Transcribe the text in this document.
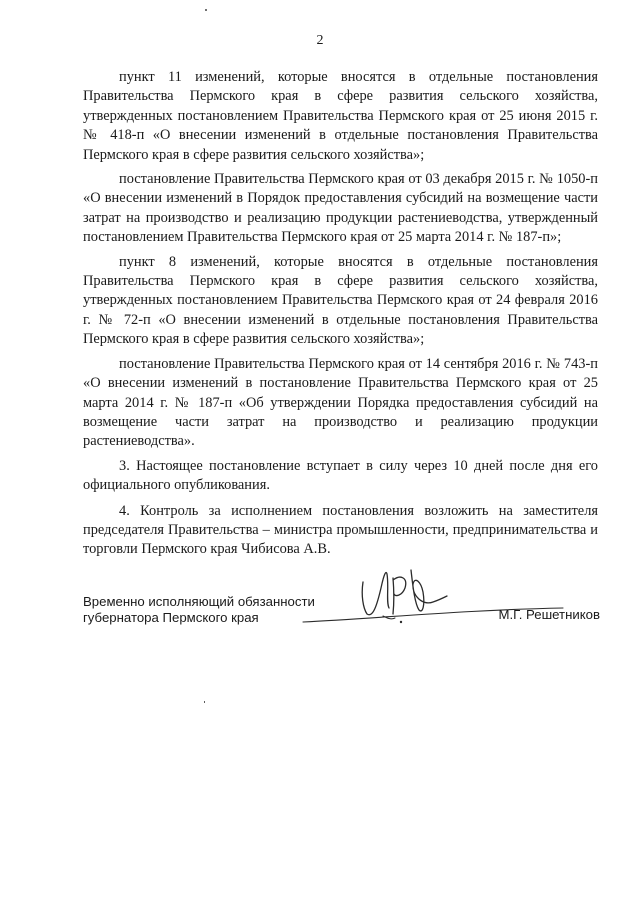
2

пункт 11 изменений, которые вносятся в отдельные постановления Правительства Пермского края в сфере развития сельского хозяйства, утвержденных постановлением Правительства Пермского края от 25 июня 2015 г. № 418-п «О внесении изменений в отдельные постановления Правительства Пермского края в сфере развития сельского хозяйства»;

постановление Правительства Пермского края от 03 декабря 2015 г. № 1050-п «О внесении изменений в Порядок предоставления субсидий на возмещение части затрат на производство и реализацию продукции растениеводства, утвержденный постановлением Правительства Пермского края от 25 марта 2014 г. № 187-п»;

пункт 8 изменений, которые вносятся в отдельные постановления Правительства Пермского края в сфере развития сельского хозяйства, утвержденных постановлением Правительства Пермского края от 24 февраля 2016 г. № 72-п «О внесении изменений в отдельные постановления Правительства Пермского края в сфере развития сельского хозяйства»;

постановление Правительства Пермского края от 14 сентября 2016 г. № 743-п «О внесении изменений в постановление Правительства Пермского края от 25 марта 2014 г. № 187-п «Об утверждении Порядка предоставления субсидий на возмещение части затрат на производство и реализацию продукции растениеводства».

3. Настоящее постановление вступает в силу через 10 дней после дня его официального опубликования.

4. Контроль за исполнением постановления возложить на заместителя председателя Правительства – министра промышленности, предпринимательства и торговли Пермского края Чибисова А.В.

Временно исполняющий обязанности
губернатора Пермского края	М.Г. Решетников
